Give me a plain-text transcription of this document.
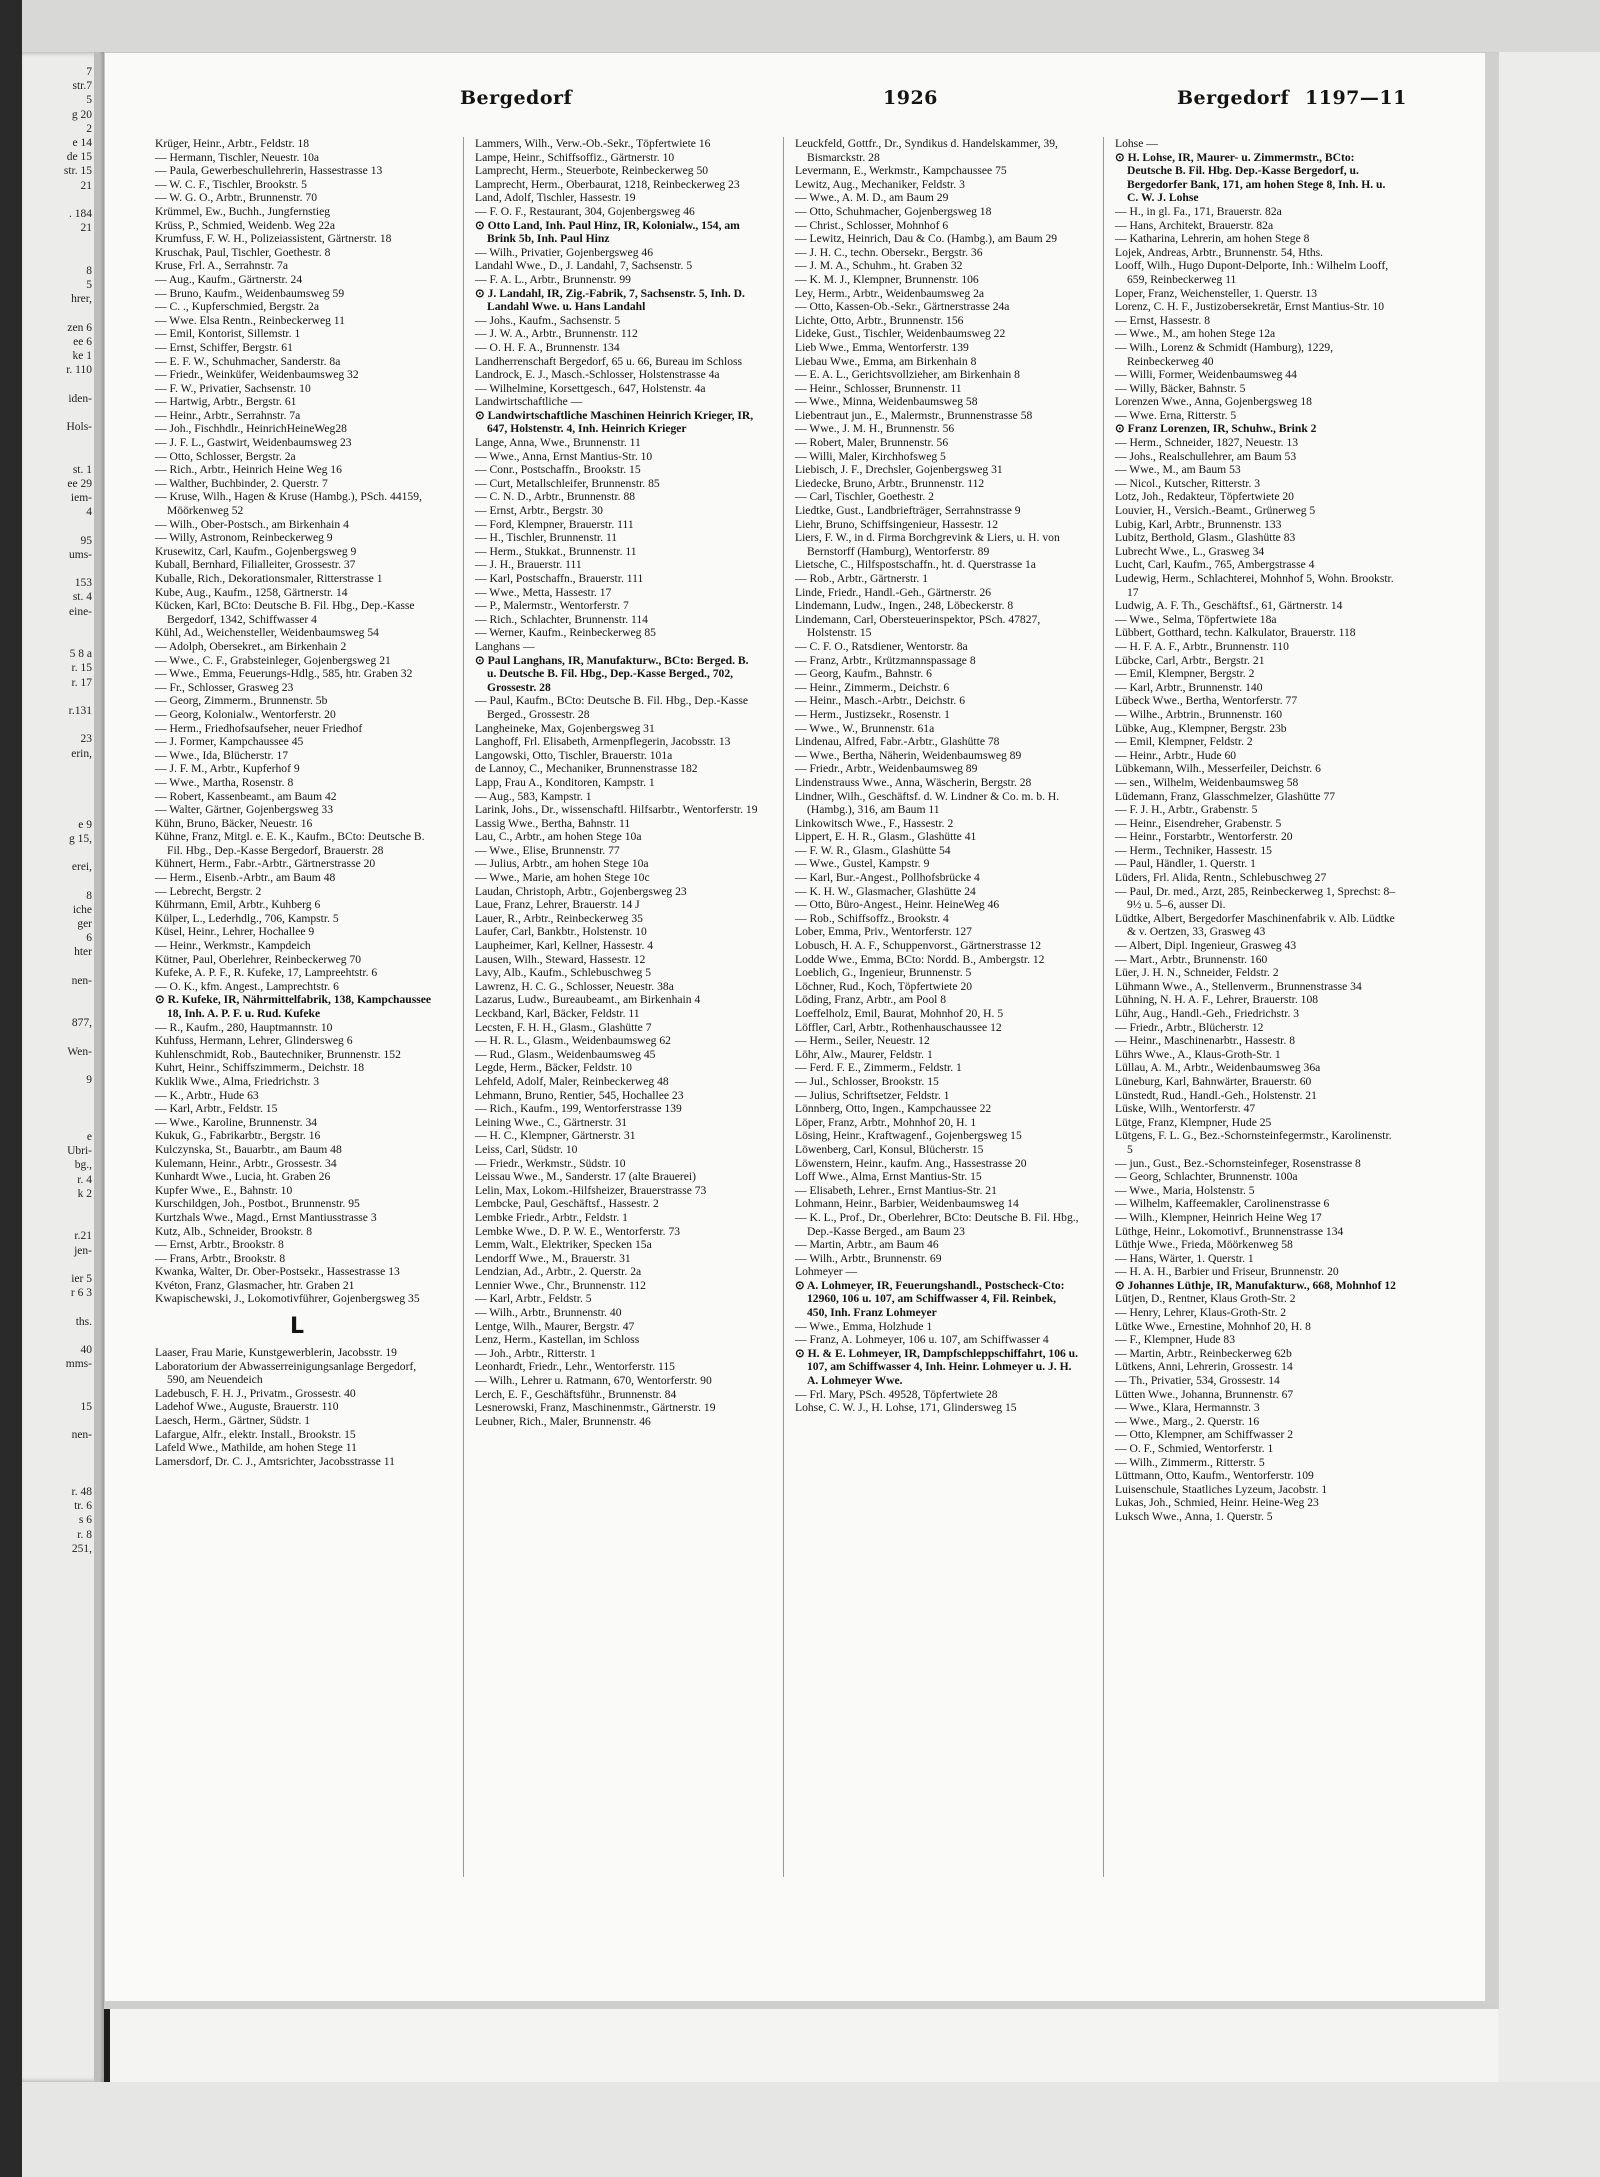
7
str.7
5
g 20
2
e 14
de 15
str. 15
21
. 184
21
8
5
hrer,
zen 6
ee 6
ke 1
r. 110
iden-
Hols-
st. 1
ee 29
iem-
4
95
ums-
153
st. 4
eine-
5 8 a
r. 15
r. 17
r.131
23
erin,
e 9
g 15,
erei,
8
iche
ger
6
hter
nen-
877,
Wen-
9
e
Ubri-
bg.,
r. 4
k 2
r.21
jen-
ier 5
r 6 3
ths.
40
mms-
15
nen-
r. 48
tr. 6
s 6
r. 8
251,
Bergedorf	1926	Bergedorf 1197—11

Krüger, Heinr., Arbtr., Feldstr. 18

— Hermann, Tischler, Neuestr. 10a

— Paula, Gewerbeschullehrerin, Hassestrasse 13

— W. C. F., Tischler, Brookstr. 5

— W. G. O., Arbtr., Brunnenstr. 70

Krümmel, Ew., Buchh., Jungfernstieg

Krüss, P., Schmied, Weidenb. Weg 22a

Krumfuss, F. W. H., Polizeiassistent, Gärtnerstr. 18

Kruschak, Paul, Tischler, Goethestr. 8

Kruse, Frl. A., Serrahnstr. 7a

— Aug., Kaufm., Gärtnerstr. 24

— Bruno, Kaufm., Weidenbaumsweg 59

— C. ., Kupferschmied, Bergstr. 2a

— Wwe. Elsa Rentn., Reinbeckerweg 11

— Emil, Kontorist, Sillemstr. 1

— Ernst, Schiffer, Bergstr. 61

— E. F. W., Schuhmacher, Sanderstr. 8a

— Friedr., Weinküfer, Weidenbaumsweg 32

— F. W., Privatier, Sachsenstr. 10

— Hartwig, Arbtr., Bergstr. 61

— Heinr., Arbtr., Serrahnstr. 7a

— Joh., Fischhdlr., HeinrichHeineWeg28

— J. F. L., Gastwirt, Weidenbaumsweg 23

— Otto, Schlosser, Bergstr. 2a

— Rich., Arbtr., Heinrich Heine Weg 16

— Walther, Buchbinder, 2. Querstr. 7

— Kruse, Wilh., Hagen & Kruse (Hambg.), PSch. 44159, Möörkenweg 52

— Wilh., Ober-Postsch., am Birkenhain 4

— Willy, Astronom, Reinbeckerweg 9

Krusewitz, Carl, Kaufm., Gojenbergsweg 9

Kuball, Bernhard, Filialleiter, Grossestr. 37

Kuballe, Rich., Dekorationsmaler, Ritterstrasse 1

Kube, Aug., Kaufm., 1258, Gärtnerstr. 14

Kücken, Karl, BCto: Deutsche B. Fil. Hbg., Dep.-Kasse Bergedorf, 1342, Schiffwasser 4

Kühl, Ad., Weichensteller, Weidenbaumsweg 54

— Adolph, Obersekret., am Birkenhain 2

— Wwe., C. F., Grabsteinleger, Gojenbergsweg 21

— Wwe., Emma, Feuerungs-Hdlg., 585, htr. Graben 32

— Fr., Schlosser, Grasweg 23

— Georg, Zimmerm., Brunnenstr. 5b

— Georg, Kolonialw., Wentorferstr. 20

— Herm., Friedhofsaufseher, neuer Friedhof

— J. Former, Kampchaussee 45

— Wwe., Ida, Blücherstr. 17

— J. F. M., Arbtr., Kupferhof 9

— Wwe., Martha, Rosenstr. 8

— Robert, Kassenbeamt., am Baum 42

— Walter, Gärtner, Gojenbergsweg 33

Kühn, Bruno, Bäcker, Neuestr. 16

Kühne, Franz, Mitgl. e. E. K., Kaufm., BCto: Deutsche B. Fil. Hbg., Dep.-Kasse Bergedorf, Brauerstr. 28

Kühnert, Herm., Fabr.-Arbtr., Gärtnerstrasse 20

— Herm., Eisenb.-Arbtr., am Baum 48

— Lebrecht, Bergstr. 2

Kührmann, Emil, Arbtr., Kuhberg 6

Külper, L., Lederhdlg., 706, Kampstr. 5

Küsel, Heinr., Lehrer, Hochallee 9

— Heinr., Werkmstr., Kampdeich

Kütner, Paul, Oberlehrer, Reinbeckerweg 70

Kufeke, A. P. F., R. Kufeke, 17, Lampreehtstr. 6

— O. K., kfm. Angest., Lamprechtstr. 6

⊙ R. Kufeke, IR, Nährmittelfabrik, 138, Kampchaussee 18, Inh. A. P. F. u. Rud. Kufeke

— R., Kaufm., 280, Hauptmannstr. 10

Kuhfuss, Hermann, Lehrer, Glindersweg 6

Kuhlenschmidt, Rob., Bautechniker, Brunnenstr. 152

Kuhrt, Heinr., Schiffszimmerm., Deichstr. 18

Kuklik Wwe., Alma, Friedrichstr. 3

— K., Arbtr., Hude 63

— Karl, Arbtr., Feldstr. 15

— Wwe., Karoline, Brunnenstr. 34

Kukuk, G., Fabrikarbtr., Bergstr. 16

Kulczynska, St., Bauarbtr., am Baum 48

Kulemann, Heinr., Arbtr., Grossestr. 34

Kunhardt Wwe., Lucia, ht. Graben 26

Kupfer Wwe., E., Bahnstr. 10

Kurschildgen, Joh., Postbot., Brunnenstr. 95

Kurtzhals Wwe., Magd., Ernst Mantiusstrasse 3

Kutz, Alb., Schneider, Brookstr. 8

— Ernst, Arbtr., Brookstr. 8

— Frans, Arbtr., Brookstr. 8

Kwanka, Walter, Dr. Ober-Postsekr., Hassestrasse 13

Kvéton, Franz, Glasmacher, htr. Graben 21

Kwapischewski, J., Lokomotivführer, Gojenbergsweg 35

L

Laaser, Frau Marie, Kunstgewerblerin, Jacobsstr. 19

Laboratorium der Abwasserreinigungsanlage Bergedorf, 590, am Neuendeich

Ladebusch, F. H. J., Privatm., Grossestr. 40

Ladehof Wwe., Auguste, Brauerstr. 110

Laesch, Herm., Gärtner, Südstr. 1

Lafargue, Alfr., elektr. Install., Brookstr. 15

Lafeld Wwe., Mathilde, am hohen Stege 11

Lamersdorf, Dr. C. J., Amtsrichter, Jacobsstrasse 11

Lammers, Wilh., Verw.-Ob.-Sekr., Töpfertwiete 16

Lampe, Heinr., Schiffsoffiz., Gärtnerstr. 10

Lamprecht, Herm., Steuerbote, Reinbeckerweg 50

Lamprecht, Herm., Oberbaurat, 1218, Reinbeckerweg 23

Land, Adolf, Tischler, Hassestr. 19

— F. O. F., Restaurant, 304, Gojenbergsweg 46

⊙ Otto Land, Inh. Paul Hinz, IR, Kolonialw., 154, am Brink 5b, Inh. Paul Hinz

— Wilh., Privatier, Gojenbergsweg 46

Landahl Wwe., D., J. Landahl, 7, Sachsenstr. 5

— F. A. L., Arbtr., Brunnenstr. 99

⊙ J. Landahl, IR, Zig.-Fabrik, 7, Sachsenstr. 5, Inh. D. Landahl Wwe. u. Hans Landahl

— Johs., Kaufm., Sachsenstr. 5

— J. W. A., Arbtr., Brunnenstr. 112

— O. H. F. A., Brunnenstr. 134

Landherrenschaft Bergedorf, 65 u. 66, Bureau im Schloss

Landrock, E. J., Masch.-Schlosser, Holstenstrasse 4a

— Wilhelmine, Korsettgesch., 647, Holstenstr. 4a

Landwirtschaftliche —

⊙ Landwirtschaftliche Maschinen Heinrich Krieger, IR, 647, Holstenstr. 4, Inh. Heinrich Krieger

Lange, Anna, Wwe., Brunnenstr. 11

— Wwe., Anna, Ernst Mantius-Str. 10

— Conr., Postschaffn., Brookstr. 15

— Curt, Metallschleifer, Brunnenstr. 85

— C. N. D., Arbtr., Brunnenstr. 88

— Ernst, Arbtr., Bergstr. 30

— Ford, Klempner, Brauerstr. 111

— H., Tischler, Brunnenstr. 11

— Herm., Stukkat., Brunnenstr. 11

— J. H., Brauerstr. 111

— Karl, Postschaffn., Brauerstr. 111

— Wwe., Metta, Hassestr. 17

— P., Malermstr., Wentorferstr. 7

— Rich., Schlachter, Brunnenstr. 114

— Werner, Kaufm., Reinbeckerweg 85

Langhans —

⊙ Paul Langhans, IR, Manufakturw., BCto: Berged. B. u. Deutsche B. Fil. Hbg., Dep.-Kasse Berged., 702, Grossestr. 28

— Paul, Kaufm., BCto: Deutsche B. Fil. Hbg., Dep.-Kasse Berged., Grossestr. 28

Langheineke, Max, Gojenbergsweg 31

Langhoff, Frl. Elisabeth, Armenpflegerin, Jacobsstr. 13

Langowski, Otto, Tischler, Brauerstr. 101a

de Lannoy, C., Mechaniker, Brunnenstrasse 182

Lapp, Frau A., Konditoren, Kampstr. 1

— Aug., 583, Kampstr. 1

Larink, Johs., Dr., wissenschaftl. Hilfsarbtr., Wentorferstr. 19

Lassig Wwe., Bertha, Bahnstr. 11

Lau, C., Arbtr., am hohen Stege 10a

— Wwe., Elise, Brunnenstr. 77

— Julius, Arbtr., am hohen Stege 10a

— Wwe., Marie, am hohen Stege 10c

Laudan, Christoph, Arbtr., Gojenbergsweg 23

Laue, Franz, Lehrer, Brauerstr. 14 J

Lauer, R., Arbtr., Reinbeckerweg 35

Laufer, Carl, Bankbtr., Holstenstr. 10

Laupheimer, Karl, Kellner, Hassestr. 4

Lausen, Wilh., Steward, Hassestr. 12

Lavy, Alb., Kaufm., Schlebuschweg 5

Lawrenz, H. C. G., Schlosser, Neuestr. 38a

Lazarus, Ludw., Bureaubeamt., am Birkenhain 4

Leckband, Karl, Bäcker, Feldstr. 11

Lecsten, F. H. H., Glasm., Glashütte 7

— H. R. L., Glasm., Weidenbaumsweg 62

— Rud., Glasm., Weidenbaumsweg 45

Legde, Herm., Bäcker, Feldstr. 10

Lehfeld, Adolf, Maler, Reinbeckerweg 48

Lehmann, Bruno, Rentier, 545, Hochallee 23

— Rich., Kaufm., 199, Wentorferstrasse 139

Leining Wwe., C., Gärtnerstr. 31

— H. C., Klempner, Gärtnerstr. 31

Leiss, Carl, Südstr. 10

— Friedr., Werkmstr., Südstr. 10

Leissau Wwe., M., Sanderstr. 17 (alte Brauerei)

Lelin, Max, Lokom.-Hilfsheizer, Brauerstrasse 73

Lembcke, Paul, Geschäftsf., Hassestr. 2

Lembke Friedr., Arbtr., Feldstr. 1

Lembke Wwe., D. P. W. E., Wentorferstr. 73

Lemm, Walt., Elektriker, Specken 15a

Lendorff Wwe., M., Brauerstr. 31

Lendzian, Ad., Arbtr., 2. Querstr. 2a

Lennier Wwe., Chr., Brunnenstr. 112

— Karl, Arbtr., Feldstr. 5

— Wilh., Arbtr., Brunnenstr. 40

Lentge, Wilh., Maurer, Bergstr. 47

Lenz, Herm., Kastellan, im Schloss

— Joh., Arbtr., Ritterstr. 1

Leonhardt, Friedr., Lehr., Wentorferstr. 115

— Wilh., Lehrer u. Ratmann, 670, Wentorferstr. 90

Lerch, E. F., Geschäftsführ., Brunnenstr. 84

Lesnerowski, Franz, Maschinenmstr., Gärtnerstr. 19

Leubner, Rich., Maler, Brunnenstr. 46

Leuckfeld, Gottfr., Dr., Syndikus d. Handelskammer, 39, Bismarckstr. 28

Levermann, E., Werkmstr., Kampchaussee 75

Lewitz, Aug., Mechaniker, Feldstr. 3

— Wwe., A. M. D., am Baum 29

— Otto, Schuhmacher, Gojenbergsweg 18

— Christ., Schlosser, Mohnhof 6

— Lewitz, Heinrich, Dau & Co. (Hambg.), am Baum 29

— J. H. C., techn. Obersekr., Bergstr. 36

— J. M. A., Schuhm., ht. Graben 32

— K. M. J., Klempner, Brunnenstr. 106

Ley, Herm., Arbtr., Weidenbaumsweg 2a

— Otto, Kassen-Ob.-Sekr., Gärtnerstrasse 24a

Lichte, Otto, Arbtr., Brunnenstr. 156

Lideke, Gust., Tischler, Weidenbaumsweg 22

Lieb Wwe., Emma, Wentorferstr. 139

Liebau Wwe., Emma, am Birkenhain 8

— E. A. L., Gerichtsvollzieher, am Birkenhain 8

— Heinr., Schlosser, Brunnenstr. 11

— Wwe., Minna, Weidenbaumsweg 58

Liebentraut jun., E., Malermstr., Brunnenstrasse 58

— Wwe., J. M. H., Brunnenstr. 56

— Robert, Maler, Brunnenstr. 56

— Willi, Maler, Kirchhofsweg 5

Liebisch, J. F., Drechsler, Gojenbergsweg 31

Liedecke, Bruno, Arbtr., Brunnenstr. 112

— Carl, Tischler, Goethestr. 2

Liedtke, Gust., Landbriefträger, Serrahnstrasse 9

Liehr, Bruno, Schiffsingenieur, Hassestr. 12

Liers, F. W., in d. Firma Borchgrevink & Liers, u. H. von Bernstorff (Hamburg), Wentorferstr. 89

Lietsche, C., Hilfspostschaffn., ht. d. Querstrasse 1a

— Rob., Arbtr., Gärtnerstr. 1

Linde, Friedr., Handl.-Geh., Gärtnerstr. 26

Lindemann, Ludw., Ingen., 248, Löbeckerstr. 8

Lindemann, Carl, Obersteuerinspektor, PSch. 47827, Holstenstr. 15

— C. F. O., Ratsdiener, Wentorstr. 8a

— Franz, Arbtr., Krützmannspassage 8

— Georg, Kaufm., Bahnstr. 6

— Heinr., Zimmerm., Deichstr. 6

— Heinr., Masch.-Arbtr., Deichstr. 6

— Herm., Justizsekr., Rosenstr. 1

— Wwe., W., Brunnenstr. 61a

Lindenau, Alfred, Fabr.-Arbtr., Glashütte 78

— Wwe., Bertha, Näherin, Weidenbaumsweg 89

— Friedr., Arbtr., Weidenbaumsweg 89

Lindenstrauss Wwe., Anna, Wäscherin, Bergstr. 28

Lindner, Wilh., Geschäftsf. d. W. Lindner & Co. m. b. H. (Hambg.), 316, am Baum 11

Linkowitsch Wwe., F., Hassestr. 2

Lippert, E. H. R., Glasm., Glashütte 41

— F. W. R., Glasm., Glashütte 54

— Wwe., Gustel, Kampstr. 9

— Karl, Bur.-Angest., Pollhofsbrücke 4

— K. H. W., Glasmacher, Glashütte 24

— Otto, Büro-Angest., Heinr. HeineWeg 46

— Rob., Schiffsoffz., Brookstr. 4

Lober, Emma, Priv., Wentorferstr. 127

Lobusch, H. A. F., Schuppenvorst., Gärtnerstrasse 12

Lodde Wwe., Emma, BCto: Nordd. B., Ambergstr. 12

Loeblich, G., Ingenieur, Brunnenstr. 5

Löchner, Rud., Koch, Töpfertwiete 20

Löding, Franz, Arbtr., am Pool 8

Loeffelholz, Emil, Baurat, Mohnhof 20, H. 5

Löffler, Carl, Arbtr., Rothenhauschaussee 12

— Herm., Seiler, Neuestr. 12

Löhr, Alw., Maurer, Feldstr. 1

— Ferd. F. E., Zimmerm., Feldstr. 1

— Jul., Schlosser, Brookstr. 15

— Julius, Schriftsetzer, Feldstr. 1

Lönnberg, Otto, Ingen., Kampchaussee 22

Löper, Franz, Arbtr., Mohnhof 20, H. 1

Lösing, Heinr., Kraftwagenf., Gojenbergsweg 15

Löwenberg, Carl, Konsul, Blücherstr. 15

Löwenstern, Heinr., kaufm. Ang., Hassestrasse 20

Loff Wwe., Alma, Ernst Mantius-Str. 15

— Elisabeth, Lehrer., Ernst Mantius-Str. 21

Lohmann, Heinr., Barbier, Weidenbaumsweg 14

— K. L., Prof., Dr., Oberlehrer, BCto: Deutsche B. Fil. Hbg., Dep.-Kasse Berged., am Baum 23

— Martin, Arbtr., am Baum 46

— Wilh., Arbtr., Brunnenstr. 69

Lohmeyer —

⊙ A. Lohmeyer, IR, Feuerungshandl., Postscheck-Cto: 12960, 106 u. 107, am Schiffwasser 4, Fil. Reinbek, 450, Inh. Franz Lohmeyer

— Wwe., Emma, Holzhude 1

— Franz, A. Lohmeyer, 106 u. 107, am Schiffwasser 4

⊙ H. & E. Lohmeyer, IR, Dampfschleppschiffahrt, 106 u. 107, am Schiffwasser 4, Inh. Heinr. Lohmeyer u. J. H. A. Lohmeyer Wwe.

— Frl. Mary, PSch. 49528, Töpfertwiete 28

Lohse, C. W. J., H. Lohse, 171, Glindersweg 15

Lohse —

⊙ H. Lohse, IR, Maurer- u. Zimmermstr., BCto: Deutsche B. Fil. Hbg. Dep.-Kasse Bergedorf, u. Bergedorfer Bank, 171, am hohen Stege 8, Inh. H. u. C. W. J. Lohse

— H., in gl. Fa., 171, Brauerstr. 82a

— Hans, Architekt, Brauerstr. 82a

— Katharina, Lehrerin, am hohen Stege 8

Lojek, Andreas, Arbtr., Brunnenstr. 54, Hths.

Looff, Wilh., Hugo Dupont-Delporte, Inh.: Wilhelm Looff, 659, Reinbeckerweg 11

Loper, Franz, Weichensteller, 1. Querstr. 13

Lorenz, C. H. F., Justizobersekretär, Ernst Mantius-Str. 10

— Ernst, Hassestr. 8

— Wwe., M., am hohen Stege 12a

— Wilh., Lorenz & Schmidt (Hamburg), 1229, Reinbeckerweg 40

— Willi, Former, Weidenbaumsweg 44

— Willy, Bäcker, Bahnstr. 5

Lorenzen Wwe., Anna, Gojenbergsweg 18

— Wwe. Erna, Ritterstr. 5

⊙ Franz Lorenzen, IR, Schuhw., Brink 2

— Herm., Schneider, 1827, Neuestr. 13

— Johs., Realschullehrer, am Baum 53

— Wwe., M., am Baum 53

— Nicol., Kutscher, Ritterstr. 3

Lotz, Joh., Redakteur, Töpfertwiete 20

Louvier, H., Versich.-Beamt., Grünerweg 5

Lubig, Karl, Arbtr., Brunnenstr. 133

Lubitz, Berthold, Glasm., Glashütte 83

Lubrecht Wwe., L., Grasweg 34

Lucht, Carl, Kaufm., 765, Ambergstrasse 4

Ludewig, Herm., Schlachterei, Mohnhof 5, Wohn. Brookstr. 17

Ludwig, A. F. Th., Geschäftsf., 61, Gärtnerstr. 14

— Wwe., Selma, Töpfertwiete 18a

Lübbert, Gotthard, techn. Kalkulator, Brauerstr. 118

— H. F. A. F., Arbtr., Brunnenstr. 110

Lübcke, Carl, Arbtr., Bergstr. 21

— Emil, Klempner, Bergstr. 2

— Karl, Arbtr., Brunnenstr. 140

Lübeck Wwe., Bertha, Wentorferstr. 77

— Wilhe., Arbtrin., Brunnenstr. 160

Lübke, Aug., Klempner, Bergstr. 23b

— Emil, Klempner, Feldstr. 2

— Heinr., Arbtr., Hude 60

Lübkemann, Wilh., Messerfeiler, Deichstr. 6

— sen., Wilhelm, Weidenbaumsweg 58

Lüdemann, Franz, Glasschmelzer, Glashütte 77

— F. J. H., Arbtr., Grabenstr. 5

— Heinr., Eisendreher, Grabenstr. 5

— Heinr., Forstarbtr., Wentorferstr. 20

— Herm., Techniker, Hassestr. 15

— Paul, Händler, 1. Querstr. 1

Lüders, Frl. Alida, Rentn., Schlebuschweg 27

— Paul, Dr. med., Arzt, 285, Reinbeckerweg 1, Sprechst: 8–9½ u. 5–6, ausser Di.

Lüdtke, Albert, Bergedorfer Maschinenfabrik v. Alb. Lüdtke & v. Oertzen, 33, Grasweg 43

— Albert, Dipl. Ingenieur, Grasweg 43

— Mart., Arbtr., Brunnenstr. 160

Lüer, J. H. N., Schneider, Feldstr. 2

Lühmann Wwe., A., Stellenverm., Brunnenstrasse 34

Lühning, N. H. A. F., Lehrer, Brauerstr. 108

Lühr, Aug., Handl.-Geh., Friedrichstr. 3

— Friedr., Arbtr., Blücherstr. 12

— Heinr., Maschinenarbtr., Hassestr. 8

Lührs Wwe., A., Klaus-Groth-Str. 1

Lüllau, A. M., Arbtr., Weidenbaumsweg 36a

Lüneburg, Karl, Bahnwärter, Brauerstr. 60

Lünstedt, Rud., Handl.-Geh., Holstenstr. 21

Lüske, Wilh., Wentorferstr. 47

Lütge, Franz, Klempner, Hude 25

Lütgens, F. L. G., Bez.-Schornsteinfegermstr., Karolinenstr. 5

— jun., Gust., Bez.-Schornsteinfeger, Rosenstrasse 8

— Georg, Schlachter, Brunnenstr. 100a

— Wwe., Maria, Holstenstr. 5

— Wilhelm, Kaffeemakler, Carolinenstrasse 6

— Wilh., Klempner, Heinrich Heine Weg 17

Lüthge, Heinr., Lokomotivf., Brunnenstrasse 134

Lüthje Wwe., Frieda, Möörkenweg 58

— Hans, Wärter, 1. Querstr. 1

— H. A. H., Barbier und Friseur, Brunnenstr. 20

⊙ Johannes Lüthje, IR, Manufakturw., 668, Mohnhof 12

Lütjen, D., Rentner, Klaus Groth-Str. 2

— Henry, Lehrer, Klaus-Groth-Str. 2

Lütke Wwe., Ernestine, Mohnhof 20, H. 8

— F., Klempner, Hude 83

— Martin, Arbtr., Reinbeckerweg 62b

Lütkens, Anni, Lehrerin, Grossestr. 14

— Th., Privatier, 534, Grossestr. 14

Lütten Wwe., Johanna, Brunnenstr. 67

— Wwe., Klara, Hermannstr. 3

— Wwe., Marg., 2. Querstr. 16

— Otto, Klempner, am Schiffwasser 2

— O. F., Schmied, Wentorferstr. 1

— Wilh., Zimmerm., Ritterstr. 5

Lüttmann, Otto, Kaufm., Wentorferstr. 109

Luisenschule, Staatliches Lyzeum, Jacobstr. 1

Lukas, Joh., Schmied, Heinr. Heine-Weg 23

Luksch Wwe., Anna, 1. Querstr. 5
